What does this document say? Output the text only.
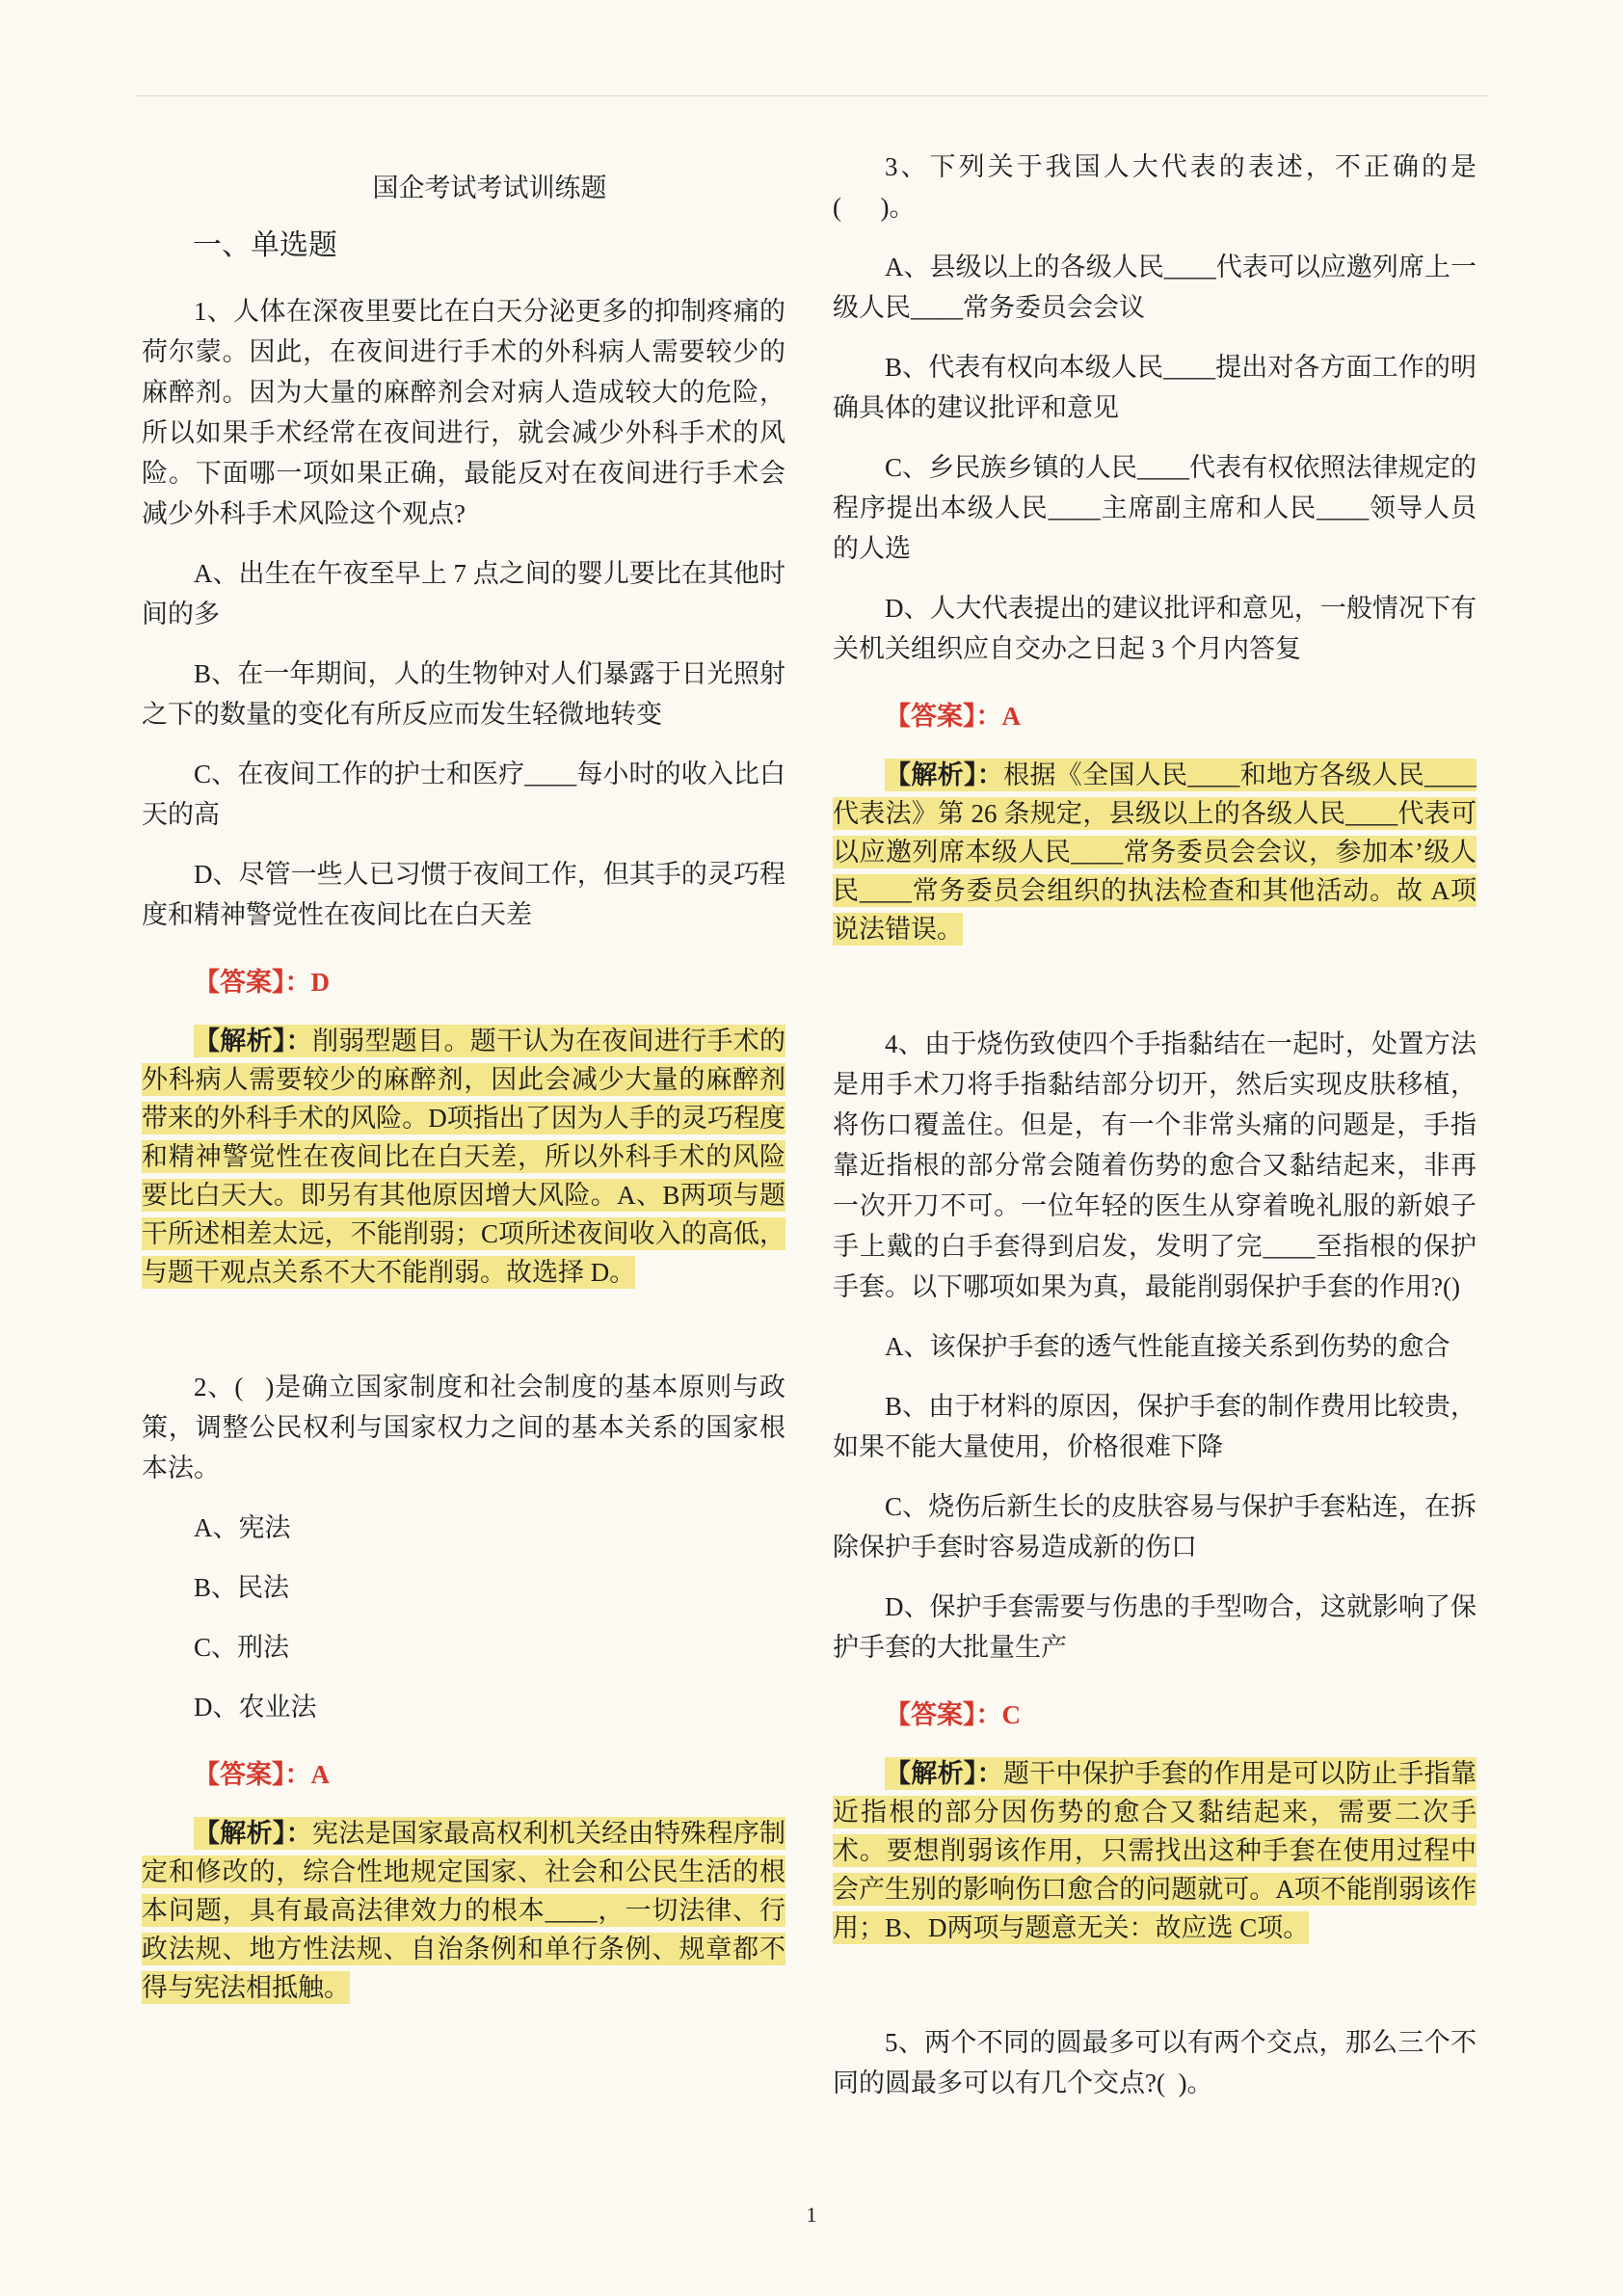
国企考试考试训练题

一、单选题

1、人体在深夜里要比在白天分泌更多的抑制疼痛的荷尔蒙。因此，在夜间进行手术的外科病人需要较少的麻醉剂。因为大量的麻醉剂会对病人造成较大的危险，所以如果手术经常在夜间进行，就会减少外科手术的风险。下面哪一项如果正确，最能反对在夜间进行手术会减少外科手术风险这个观点?

A、出生在午夜至早上 7 点之间的婴儿要比在其他时间的多

B、在一年期间，人的生物钟对人们暴露于日光照射之下的数量的变化有所反应而发生轻微地转变

C、在夜间工作的护士和医疗____每小时的收入比白天的高

D、尽管一些人已习惯于夜间工作，但其手的灵巧程度和精神警觉性在夜间比在白天差

【答案】：D

【解析】：削弱型题目。题干认为在夜间进行手术的外科病人需要较少的麻醉剂，因此会减少大量的麻醉剂带来的外科手术的风险。D项指出了因为人手的灵巧程度和精神警觉性在夜间比在白天差，所以外科手术的风险要比白天大。即另有其他原因增大风险。A、B两项与题干所述相差太远，不能削弱；C项所述夜间收入的高低，与题干观点关系不大不能削弱。故选择 D。

2、(   )是确立国家制度和社会制度的基本原则与政策，调整公民权利与国家权力之间的基本关系的国家根本法。

A、宪法

B、民法

C、刑法

D、农业法

【答案】：A

【解析】：宪法是国家最高权利机关经由特殊程序制定和修改的，综合性地规定国家、社会和公民生活的根本问题，具有最高法律效力的根本____，一切法律、行政法规、地方性法规、自治条例和单行条例、规章都不得与宪法相抵触。

3、下列关于我国人大代表的表述，不正确的是(      )。

A、县级以上的各级人民____代表可以应邀列席上一级人民____常务委员会会议

B、代表有权向本级人民____提出对各方面工作的明确具体的建议批评和意见

C、乡民族乡镇的人民____代表有权依照法律规定的程序提出本级人民____主席副主席和人民____领导人员的人选

D、人大代表提出的建议批评和意见，一般情况下有关机关组织应自交办之日起 3 个月内答复

【答案】：A

【解析】：根据《全国人民____和地方各级人民____代表法》第 26 条规定，县级以上的各级人民____代表可以应邀列席本级人民____常务委员会会议，参加本’级人民____常务委员会组织的执法检查和其他活动。故 A项说法错误。

4、由于烧伤致使四个手指黏结在一起时，处置方法是用手术刀将手指黏结部分切开，然后实现皮肤移植，将伤口覆盖住。但是，有一个非常头痛的问题是，手指靠近指根的部分常会随着伤势的愈合又黏结起来，非再一次开刀不可。一位年轻的医生从穿着晚礼服的新娘子手上戴的白手套得到启发，发明了完____至指根的保护手套。以下哪项如果为真，最能削弱保护手套的作用?()

A、该保护手套的透气性能直接关系到伤势的愈合

B、由于材料的原因，保护手套的制作费用比较贵，如果不能大量使用，价格很难下降

C、烧伤后新生长的皮肤容易与保护手套粘连，在拆除保护手套时容易造成新的伤口

D、保护手套需要与伤患的手型吻合，这就影响了保护手套的大批量生产

【答案】：C

【解析】：题干中保护手套的作用是可以防止手指靠近指根的部分因伤势的愈合又黏结起来，需要二次手术。要想削弱该作用，只需找出这种手套在使用过程中会产生别的影响伤口愈合的问题就可。A项不能削弱该作用；B、D两项与题意无关：故应选 C项。

5、两个不同的圆最多可以有两个交点，那么三个不同的圆最多可以有几个交点?(  )。

1
